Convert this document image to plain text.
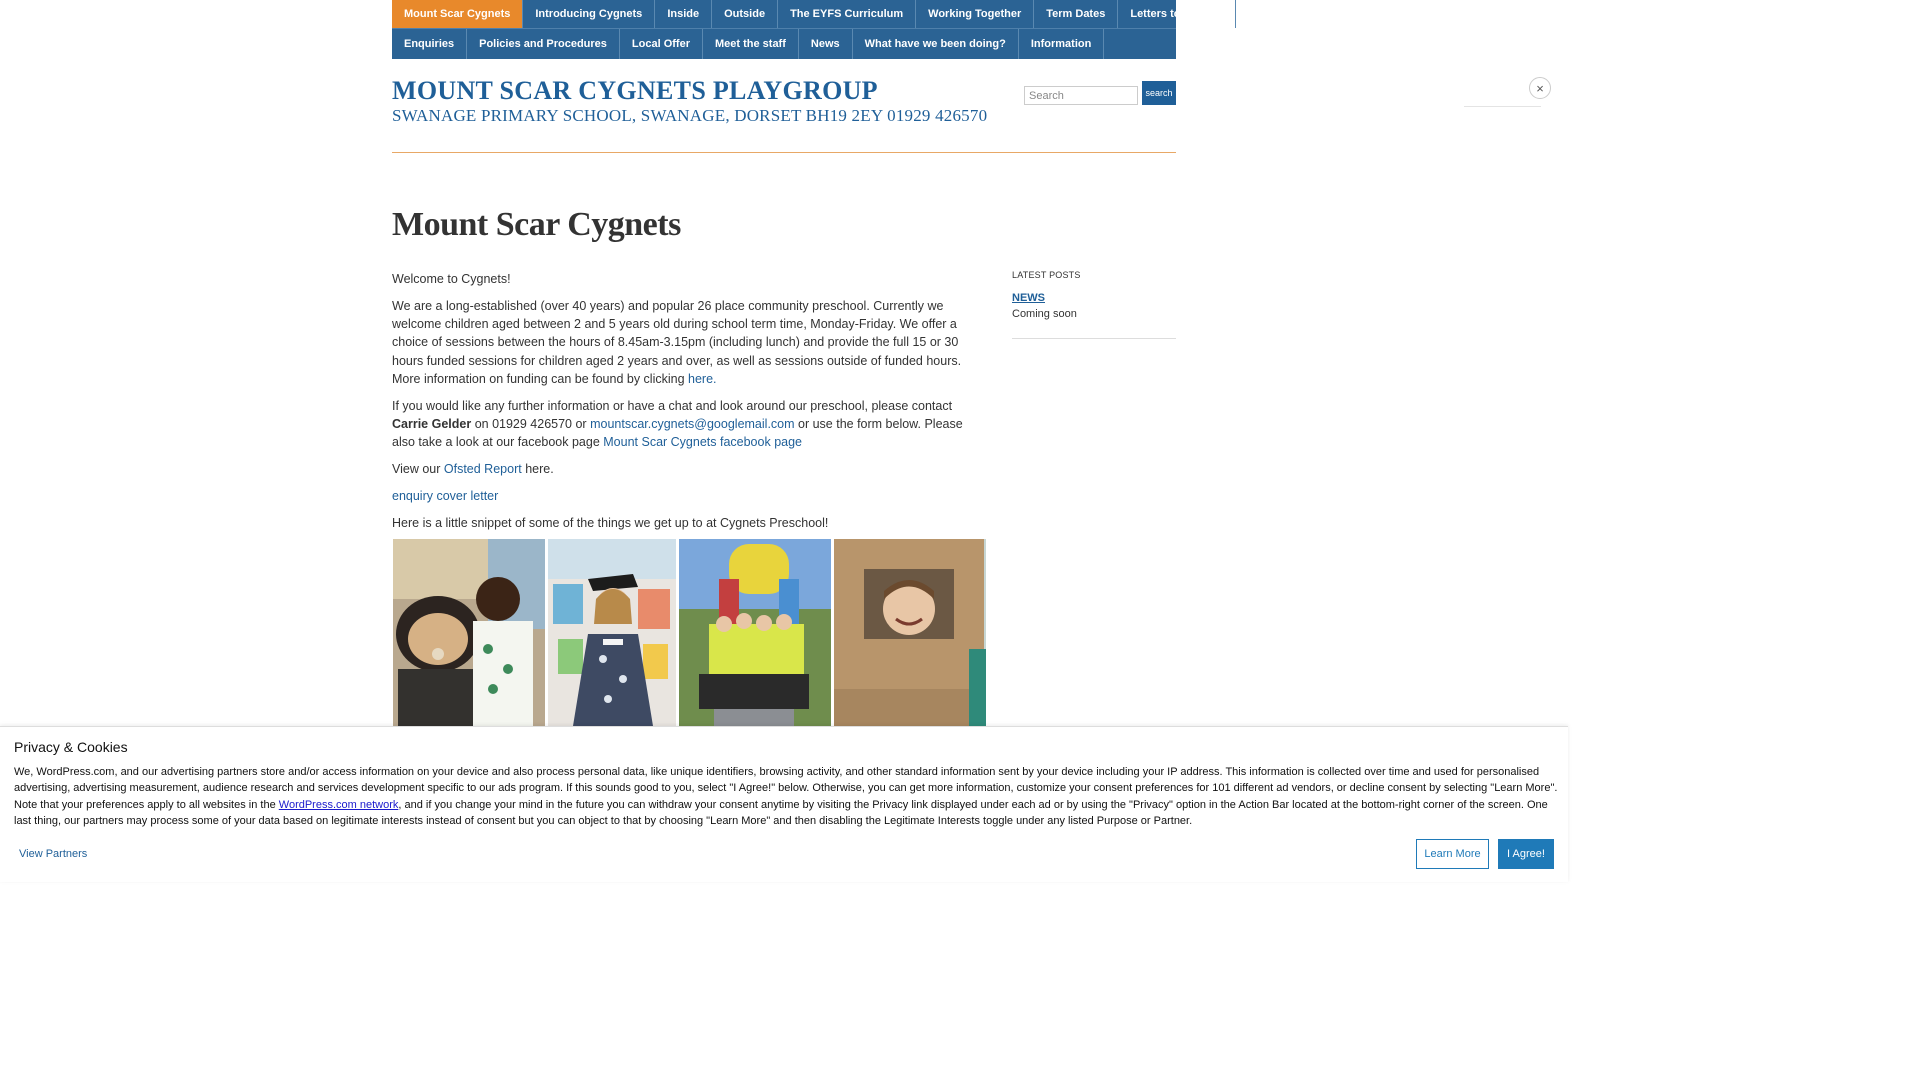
Mount Scar Cygnets	Introducing Cygnets	Inside	Outside	The EYFS Curriculum	Working Together	Term Dates	Letters to parents
Enquiries	Policies and Procedures	Local Offer	Meet the staff	News	What have we been doing?	Information
MOUNT SCAR CYGNETS PLAYGROUP
SWANAGE PRIMARY SCHOOL, SWANAGE, DORSET BH19 2EY 01929 426570
Search
search	×
Mount Scar Cygnets

Welcome to Cygnets!

We are a long-established (over 40 years) and popular 26 place community preschool. Currently we welcome children aged between 2 and 5 years old during school term time, Monday-Friday. We offer a choice of sessions between the hours of 8.45am-3.15pm (including lunch) and provide the full 15 or 30 hours funded sessions for children aged 2 years and over, as well as sessions outside of funded hours. More information on funding can be found by clicking here.

If you would like any further information or have a chat and look around our preschool, please contact Carrie Gelder on 01929 426570 or mountscar.cygnets@googlemail.com or use the form below. Please also take a look at our facebook page Mount Scar Cygnets facebook page

View our Ofsted Report here.

enquiry cover letter

Here is a little snippet of some of the things we get up to at Cygnets Preschool!

LATEST POSTS
NEWS
Coming soon
Privacy & Cookies
We, WordPress.com, and our advertising partners store and/or access information on your device and also process personal data, like unique identifiers, browsing activity, and other standard information sent by your device including your IP address. This information is collected over time and used for personalised advertising, advertising measurement, audience research and services development specific to our ads program. If this sounds good to you, select "I Agree!" below. Otherwise, you can get more information, customize your consent preferences for 101 different ad vendors, or decline consent by selecting "Learn More". Note that your preferences apply to all websites in the WordPress.com network, and if you change your mind in the future you can withdraw your consent anytime by visiting the Privacy link displayed under each ad or by using the "Privacy" option in the Action Bar located at the bottom-right corner of the screen. One last thing, our partners may process some of your data based on legitimate interests instead of consent but you can object to that by choosing "Learn More" and then disabling the Legitimate Interests toggle under any listed Purpose or Partner.
View Partners	Learn More	I Agree!
